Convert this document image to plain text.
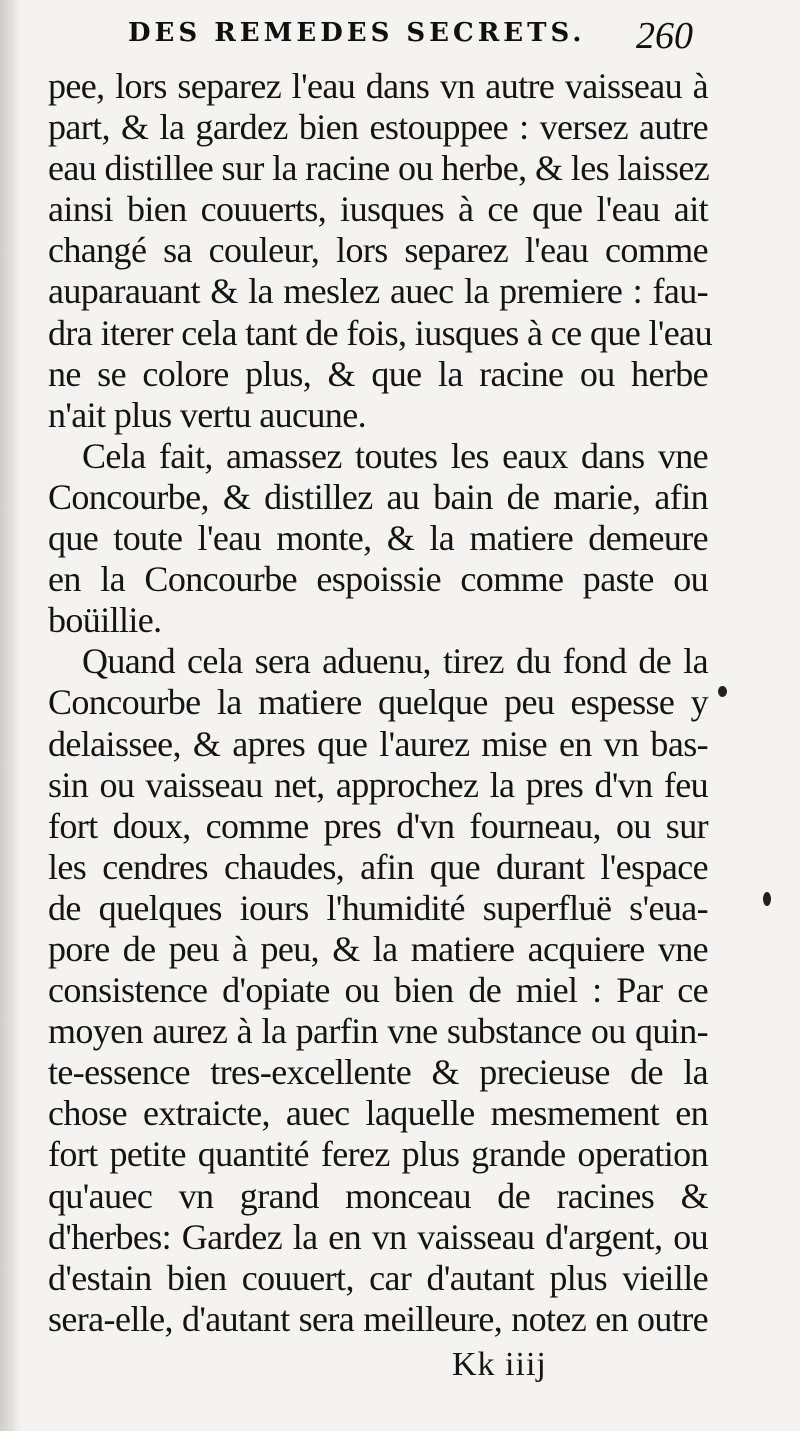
DES REMEDES SECRETS. 260
pee, lors separez l'eau dans vn autre vaisseau à
part, & la gardez bien estouppee : versez autre
eau distillee sur la racine ou herbe, & les laissez
ainsi bien couuerts, iusques à ce que l'eau ait
changé sa couleur, lors separez l'eau comme
auparauant & la meslez auec la premiere : fau-
dra iterer cela tant de fois, iusques à ce que l'eau
ne se colore plus, & que la racine ou herbe
n'ait plus vertu aucune.
Cela fait, amassez toutes les eaux dans vne
Concourbe, & distillez au bain de marie, afin
que toute l'eau monte, & la matiere demeure
en la Concourbe espoissie comme paste ou
boüillie.
Quand cela sera aduenu, tirez du fond de la
Concourbe la matiere quelque peu espesse y
delaissee, & apres que l'aurez mise en vn bas-
sin ou vaisseau net, approchez la pres d'vn feu
fort doux, comme pres d'vn fourneau, ou sur
les cendres chaudes, afin que durant l'espace
de quelques iours l'humidité superfluë s'eua-
pore de peu à peu, & la matiere acquiere vne
consistence d'opiate ou bien de miel : Par ce
moyen aurez à la parfin vne substance ou quin-
te-essence tres-excellente & precieuse de la
chose extraicte, auec laquelle mesmement en
fort petite quantité ferez plus grande operation
qu'auec vn grand monceau de racines &
d'herbes: Gardez la en vn vaisseau d'argent, ou
d'estain bien couuert, car d'autant plus vieille
sera-elle, d'autant sera meilleure, notez en outre
Kk iiij
